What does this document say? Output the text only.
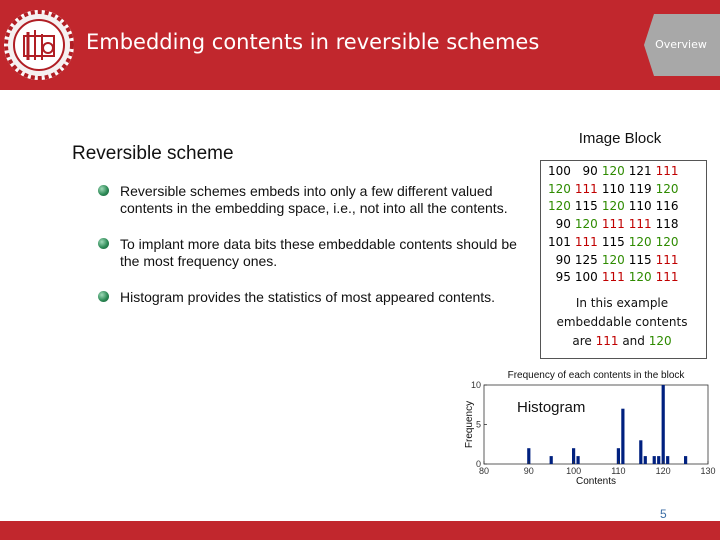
Embedding contents in reversible schemes	Overview
Reversible scheme
Reversible schemes embeds into only a few different valued contents in the embedding space, i.e., not into all the contents.
To implant more data bits these embeddable contents should be the most frequency ones.
Histogram provides the statistics of most appeared contents.
Image Block
100	90	120	121	111
120	111	110	119	120
120	115	120	110	116
90	120	111	111	118
101	111	115	120	120
90	125	120	115	111
95	100	111	120	111
In this example
embeddable contents
are 111 and 120
Frequency of each contents in the block
80	90	100	110	120	130
0
5
10
Contents
Frequency	Histogram
5
